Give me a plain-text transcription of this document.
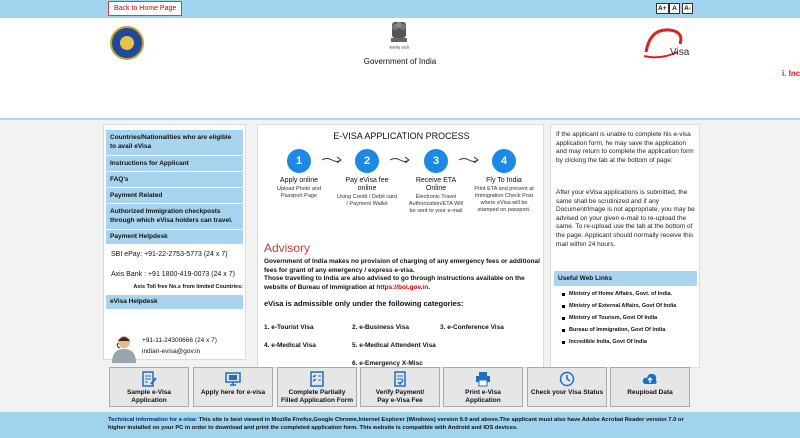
Back to Home Page	A+ A	A-
सत्यमेव जयते
Government of India
Visa
i. Inc
Countries/Nationalities who are eligible to avail eVisa
Instructions for Applicant
FAQ's
Payment Related
Authorized Immigration checkposts through which eVisa holders can travel.
Payment Helpdesk
SBI ePay: +91-22-2753-5773 (24 x 7)
Axis Bank : +91 1800-419-0073 (24 x 7)
Axis Toll free No.s from limited Countries:
eVisa Helpdesk
+91-11-24300666 (24 x 7)
indian-evisa@gov.in
E-VISA APPLICATION PROCESS
1	2	3	4
Apply online
Upload Photo and Passport Page
Pay eVisa fee online
Using Credit / Debit card / Payment Wallet
Receive ETA Online
Electronic Travel Authorization/ETA Will be sent to your e-mail
Fly To India
Print ETA and present at Immigration Check Post where eVisa will be stamped on passport.
Advisory
Government of India makes no provision of charging of any emergency fees or additional fees for grant of any emergency / express e-visa.
Those travelling to India are also advised to go through instructions available on the website of Bureau of Immigration at https://boi.gov.in.
eVisa is admissible only under the following categories:
1. e-Tourist Visa	2. e-Business Visa	3. e-Conference Visa
4. e-Medical Visa	5. e-Medical Attendent Visa
6. e-Emergency X-Misc
If the applicant is unable to complete his e-visa application form, he may save the application and may return to complete the application form by clicking the tab at the bottom of page:
After your eVisa applications is submitted, the same shall be scrutinized and if any Document/Image is not appropriate, you may be advised on your given e-mail to re-upload the same. To re-upload use the tab at the bottom of the page. Applicant should normally receive this mail within 24 hours.
Useful Web Links
Ministry of Home Affairs, Govt. of India.
Ministry of External Affairs, Govt Of India
Ministry of Tourism, Govt Of India
Bureau of Immigration, Govt Of India
Incredible India, Govt Of India
Sample e-Visa
Application
Apply here for e-visa	Complete Partially
Filled Application Form
Verify Payment/
Pay e-Visa Fee
Print e-Visa
Application
Check your Visa Status	Reupload Data
Technical information for e-visa: This site is best viewed in Mozilla Firefox,Google Chrome,Internet Explorer (Windows) version 9.0 and above.The applicant must also have Adobe Acrobat Reader version 7.0 or higher installed on your PC in order to download and print the completed application form. This website is compatible with Android and IOS devices.
